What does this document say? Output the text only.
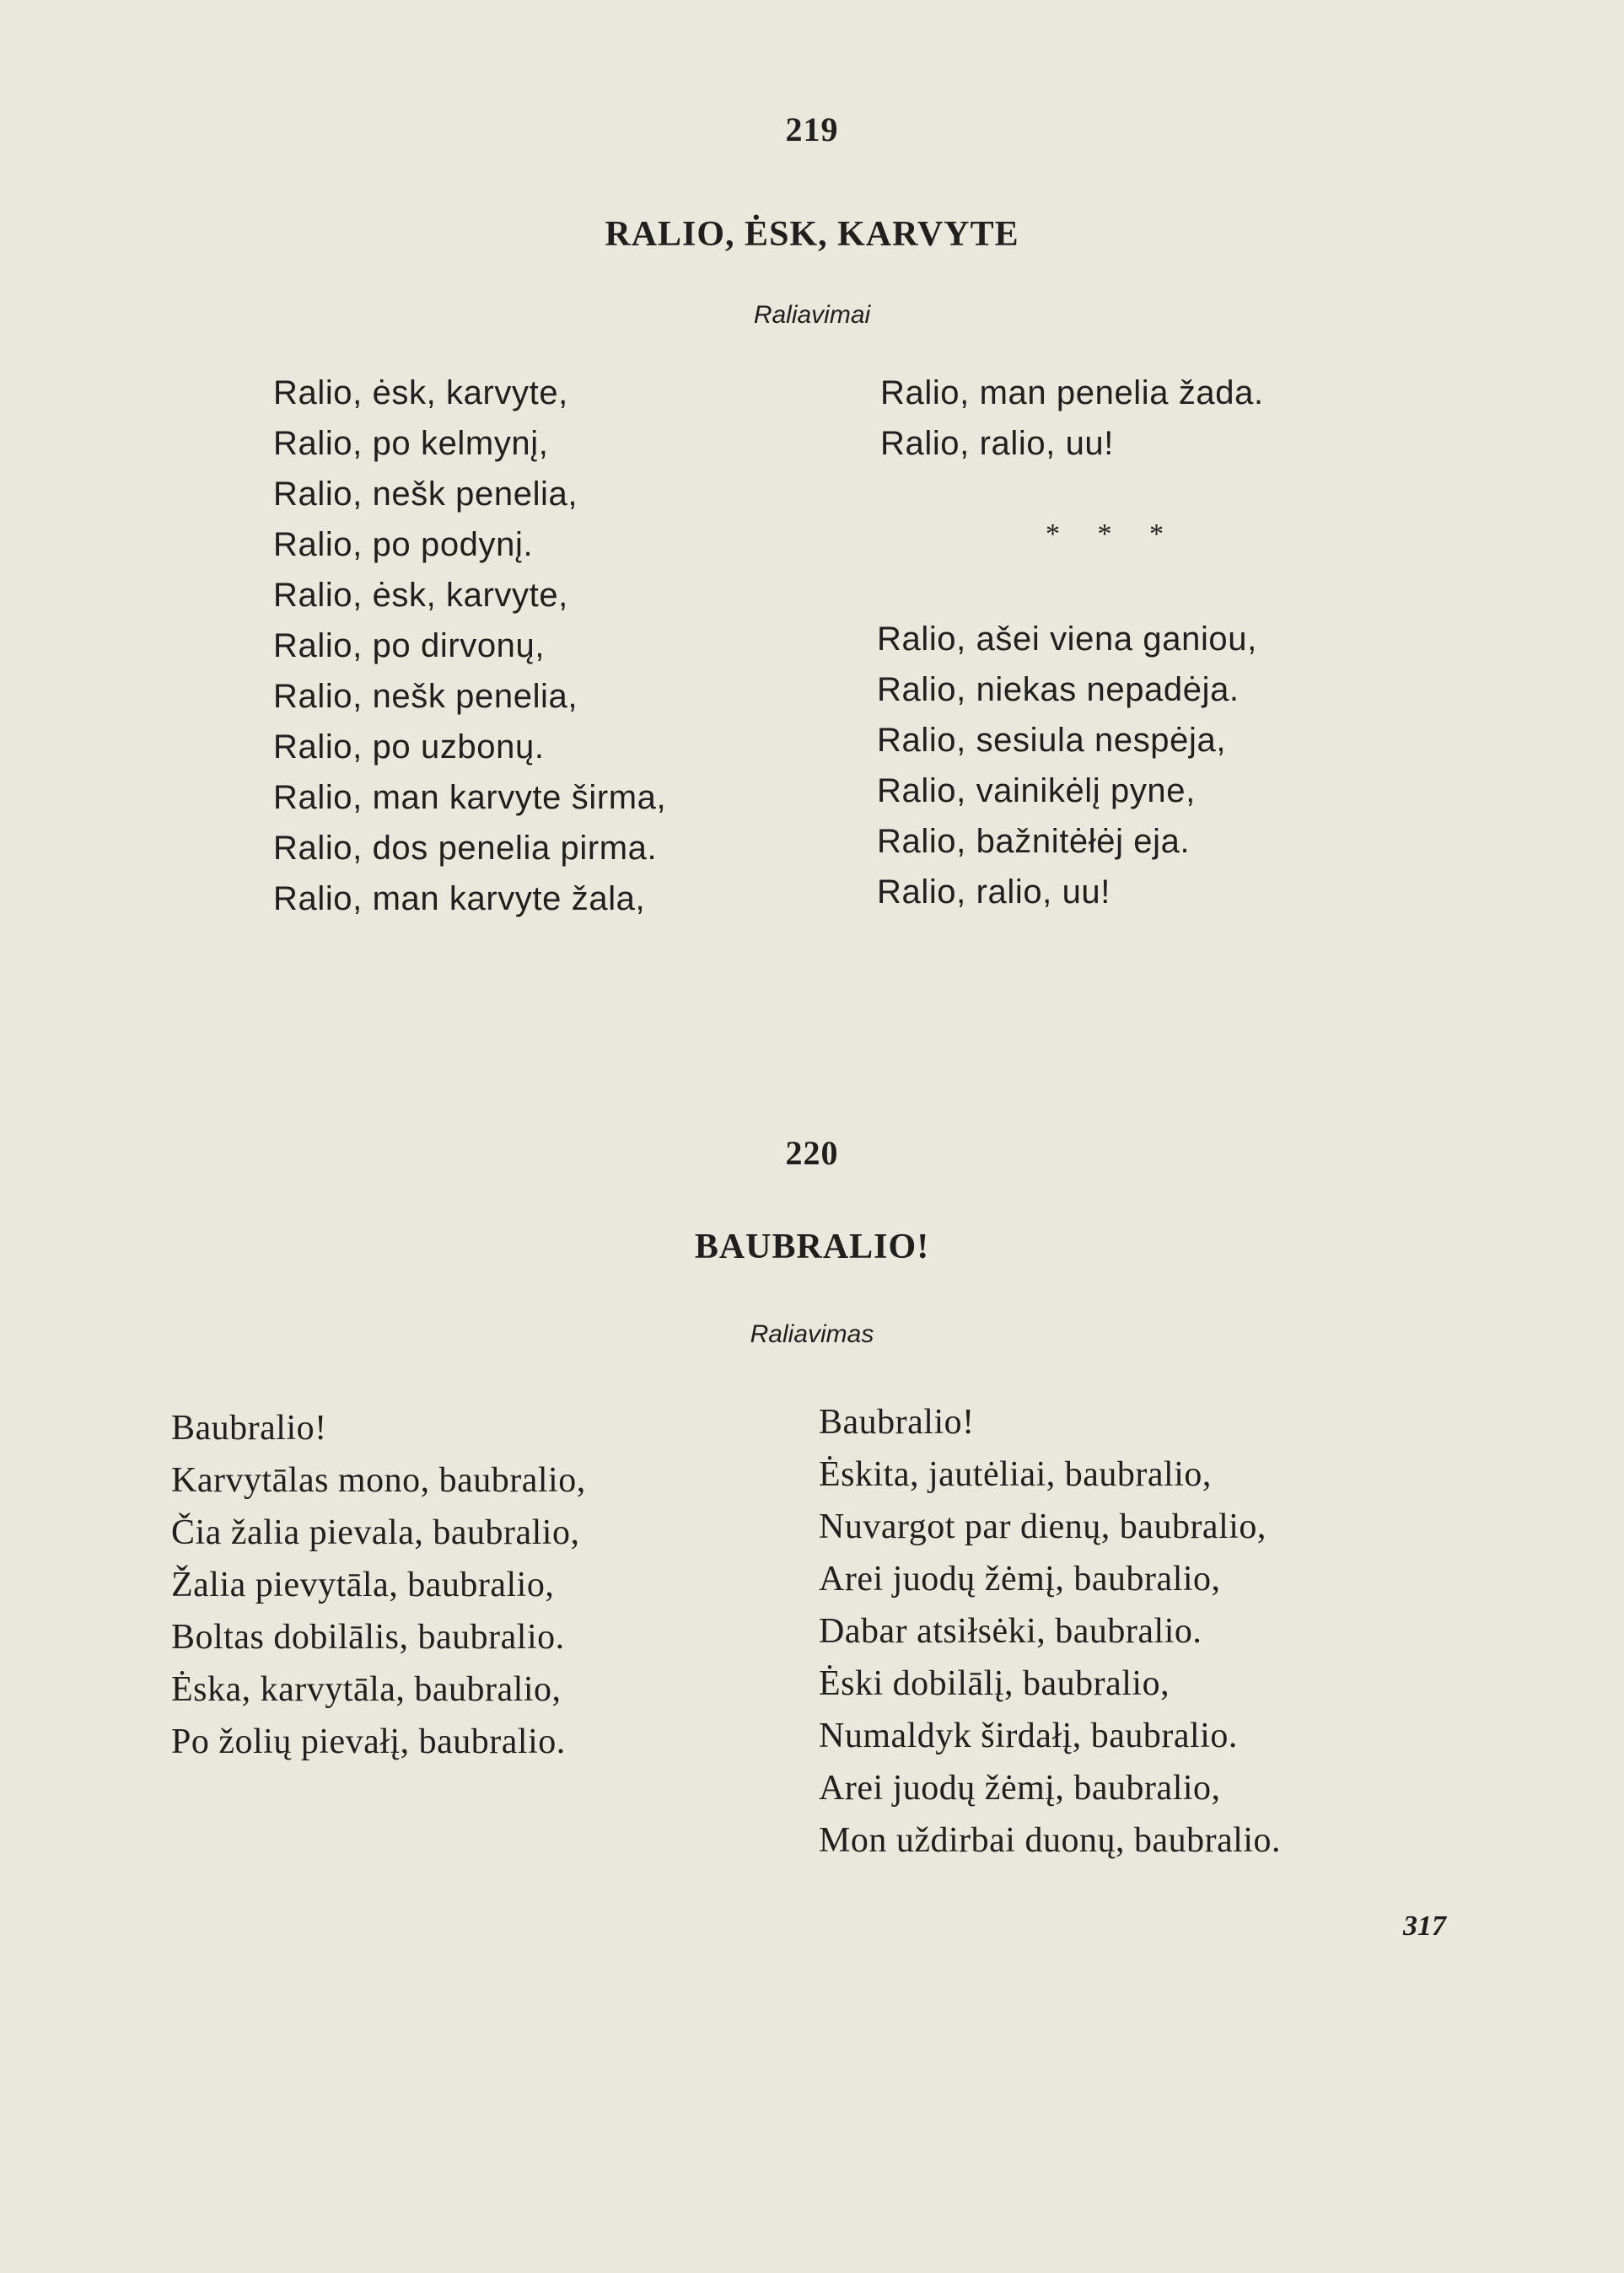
219
RALIO, ĖSK, KARVYTE
Raliavimai
Ralio, ėsk, karvyte,
Ralio, po kelmynį,
Ralio, nešk penelia,
Ralio, po podynį.
Ralio, ėsk, karvyte,
Ralio, po dirvonų,
Ralio, nešk penelia,
Ralio, po uzbonų.
Ralio, man karvyte širma,
Ralio, dos penelia pirma.
Ralio, man karvyte žala,
Ralio, man penelia žada.
Ralio, ralio, uu!
* * *
Ralio, ašei viena ganiou,
Ralio, niekas nepadėja.
Ralio, sesiula nespėja,
Ralio, vainikėlį pyne,
Ralio, bažnitėłėj eja.
Ralio, ralio, uu!
220
BAUBRALIO!
Raliavimas
Baubralio!
Karvytālas mono, baubralio,
Čia žalia pievala, baubralio,
Žalia pievytāla, baubralio,
Boltas dobilālis, baubralio.
Ėska, karvytāla, baubralio,
Po žolių pievałį, baubralio.
Baubralio!
Ėskita, jautėliai, baubralio,
Nuvargot par dienų, baubralio,
Arei juodų žėmį, baubralio,
Dabar atsiłsėki, baubralio.
Ėski dobilālį, baubralio,
Numaldyk širdałį, baubralio.
Arei juodų žėmį, baubralio,
Mon uždirbai duonų, baubralio.
317
